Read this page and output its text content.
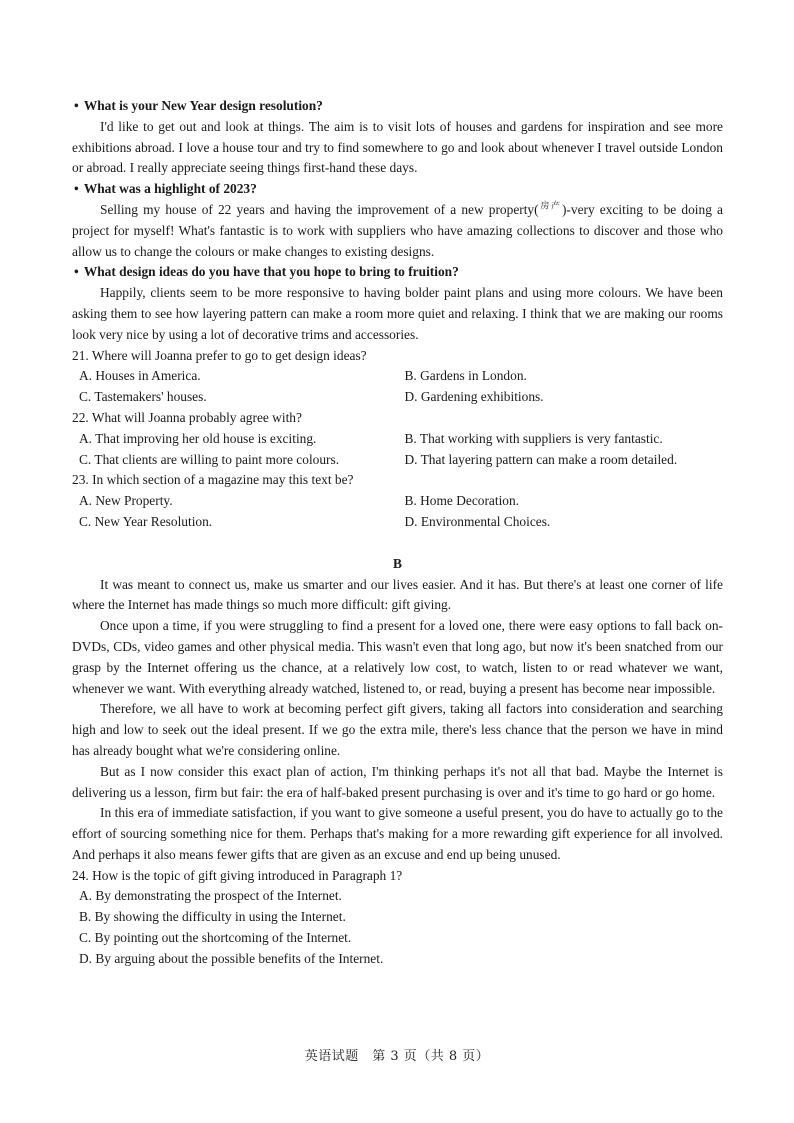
• What is your New Year design resolution?

I'd like to get out and look at things. The aim is to visit lots of houses and gardens for inspiration and see more exhibitions abroad. I love a house tour and try to find somewhere to go and look about whenever I travel outside London or abroad. I really appreciate seeing things first-hand these days.

• What was a highlight of 2023?

Selling my house of 22 years and having the improvement of a new property($^{房产}$)-very exciting to be doing a project for myself! What's fantastic is to work with suppliers who have amazing collections to discover and those who allow us to change the colours or make changes to existing designs.

• What design ideas do you have that you hope to bring to fruition?

Happily, clients seem to be more responsive to having bolder paint plans and using more colours. We have been asking them to see how layering pattern can make a room more quiet and relaxing. I think that we are making our rooms look very nice by using a lot of decorative trims and accessories.

21. Where will Joanna prefer to go to get design ideas?
A. Houses in America.	B. Gardens in London.
C. Tastemakers' houses.	D. Gardening exhibitions.
22. What will Joanna probably agree with?
A. That improving her old house is exciting.	B. That working with suppliers is very fantastic.
C. That clients are willing to paint more colours.	D. That layering pattern can make a room detailed.
23. In which section of a magazine may this text be?
A. New Property.	B. Home Decoration.
C. New Year Resolution.	D. Environmental Choices.
B

It was meant to connect us, make us smarter and our lives easier. And it has. But there's at least one corner of life where the Internet has made things so much more difficult: gift giving.

Once upon a time, if you were struggling to find a present for a loved one, there were easy options to fall back on-DVDs, CDs, video games and other physical media. This wasn't even that long ago, but now it's been snatched from our grasp by the Internet offering us the chance, at a relatively low cost, to watch, listen to or read whatever we want, whenever we want. With everything already watched, listened to, or read, buying a present has become near impossible.

Therefore, we all have to work at becoming perfect gift givers, taking all factors into consideration and searching high and low to seek out the ideal present. If we go the extra mile, there's less chance that the person we have in mind has already bought what we're considering online.

But as I now consider this exact plan of action, I'm thinking perhaps it's not all that bad. Maybe the Internet is delivering us a lesson, firm but fair: the era of half-baked present purchasing is over and it's time to go hard or go home.

In this era of immediate satisfaction, if you want to give someone a useful present, you do have to actually go to the effort of sourcing something nice for them. Perhaps that's making for a more rewarding gift experience for all involved. And perhaps it also means fewer gifts that are given as an excuse and end up being unused.

24. How is the topic of gift giving introduced in Paragraph 1?
A. By demonstrating the prospect of the Internet.
B. By showing the difficulty in using the Internet.
C. By pointing out the shortcoming of the Internet.
D. By arguing about the possible benefits of the Internet.
英语试题　第 3 页（共 8 页）
